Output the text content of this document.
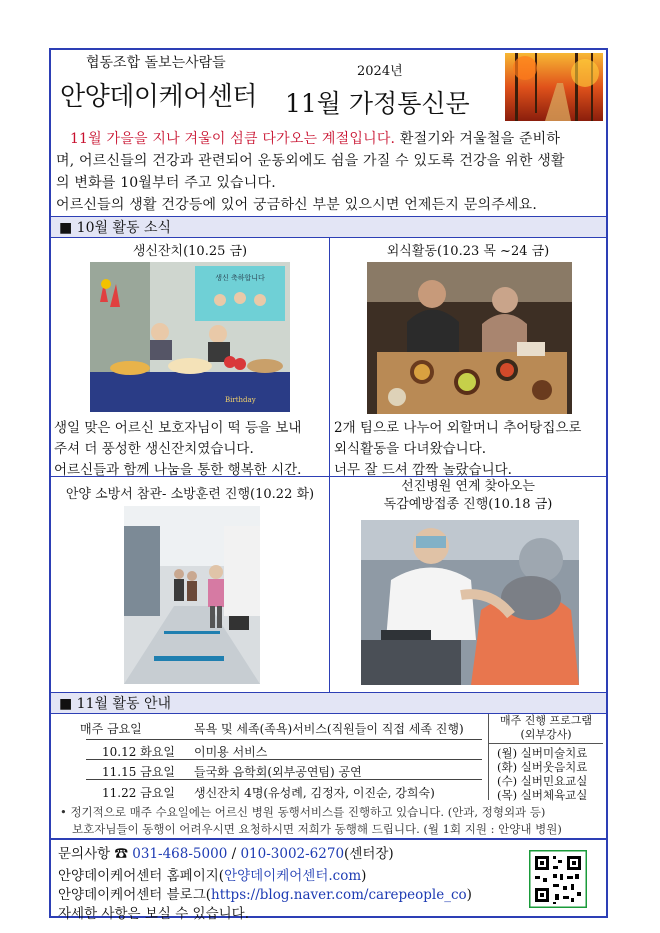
협동조합 돌보는사람들
2024년
안양데이케어센터 11월 가정통신문
11월 가을을 지나 겨울이 섬큼 다가오는 계절입니다. 환절기와 겨울철을 준비하
며, 어르신들의 건강과 관련되어 운동외에도 쉼을 가질 수 있도록 건강을 위한 생활
의 변화를 10월부터 주고 있습니다.
어르신들의 생활 건강등에 있어 궁금하신 부분 있으시면 언제든지 문의주세요.
■ 10월 활동 소식
생신잔치(10.25 금)
생신 축하합니다
Birthday
생일 맞은 어르신 보호자님이 떡 등을 보내
주셔 더 풍성한 생신잔치였습니다.
어르신들과 함께 나눔을 통한 행복한 시간.
외식활동(10.23 목 ~24 금)
2개 팀으로 나누어 외할머니 추어탕집으로
외식활동을 다녀왔습니다.
너무 잘 드셔 깜짝 놀랐습니다.
안양 소방서 참관- 소방훈련 진행(10.22 화)
선진병원 연계 찾아오는
독감예방접종 진행(10.18 금)
■ 11월 활동 안내
매주 금요일	목욕 및 세족(족욕)서비스(직원들이 직접 세족 진행)
10.12 화요일 이미용 서비스
11.15 금요일 들국화 음학회(외부공연팀) 공연
11.22 금요일 생신잔치 4명(유성례, 김정자, 이진순, 강희숙)
매주 진행 프로그램
(외부강사)
(월) 실버미술치료
(화) 실버웃음치료
(수) 실버민요교실
(목) 실버체육교실
• 정기적으로 매주 수요일에는 어르신 병원 동행서비스를 진행하고 있습니다. (안과, 정형외과 등)
보호자님들이 동행이 어려우시면 요청하시면 저희가 동행해 드립니다. (월 1회 지원 : 안양내 병원)
문의사항 ☎ 031-468-5000 / 010-3002-6270(센터장)
안양데이케어센터 홈페이지(안양데이케어센터.com)
안양데이케어센터 블로그(https://blog.naver.com/carepeople_co)
자세한 사항은 보실 수 있습니다.
